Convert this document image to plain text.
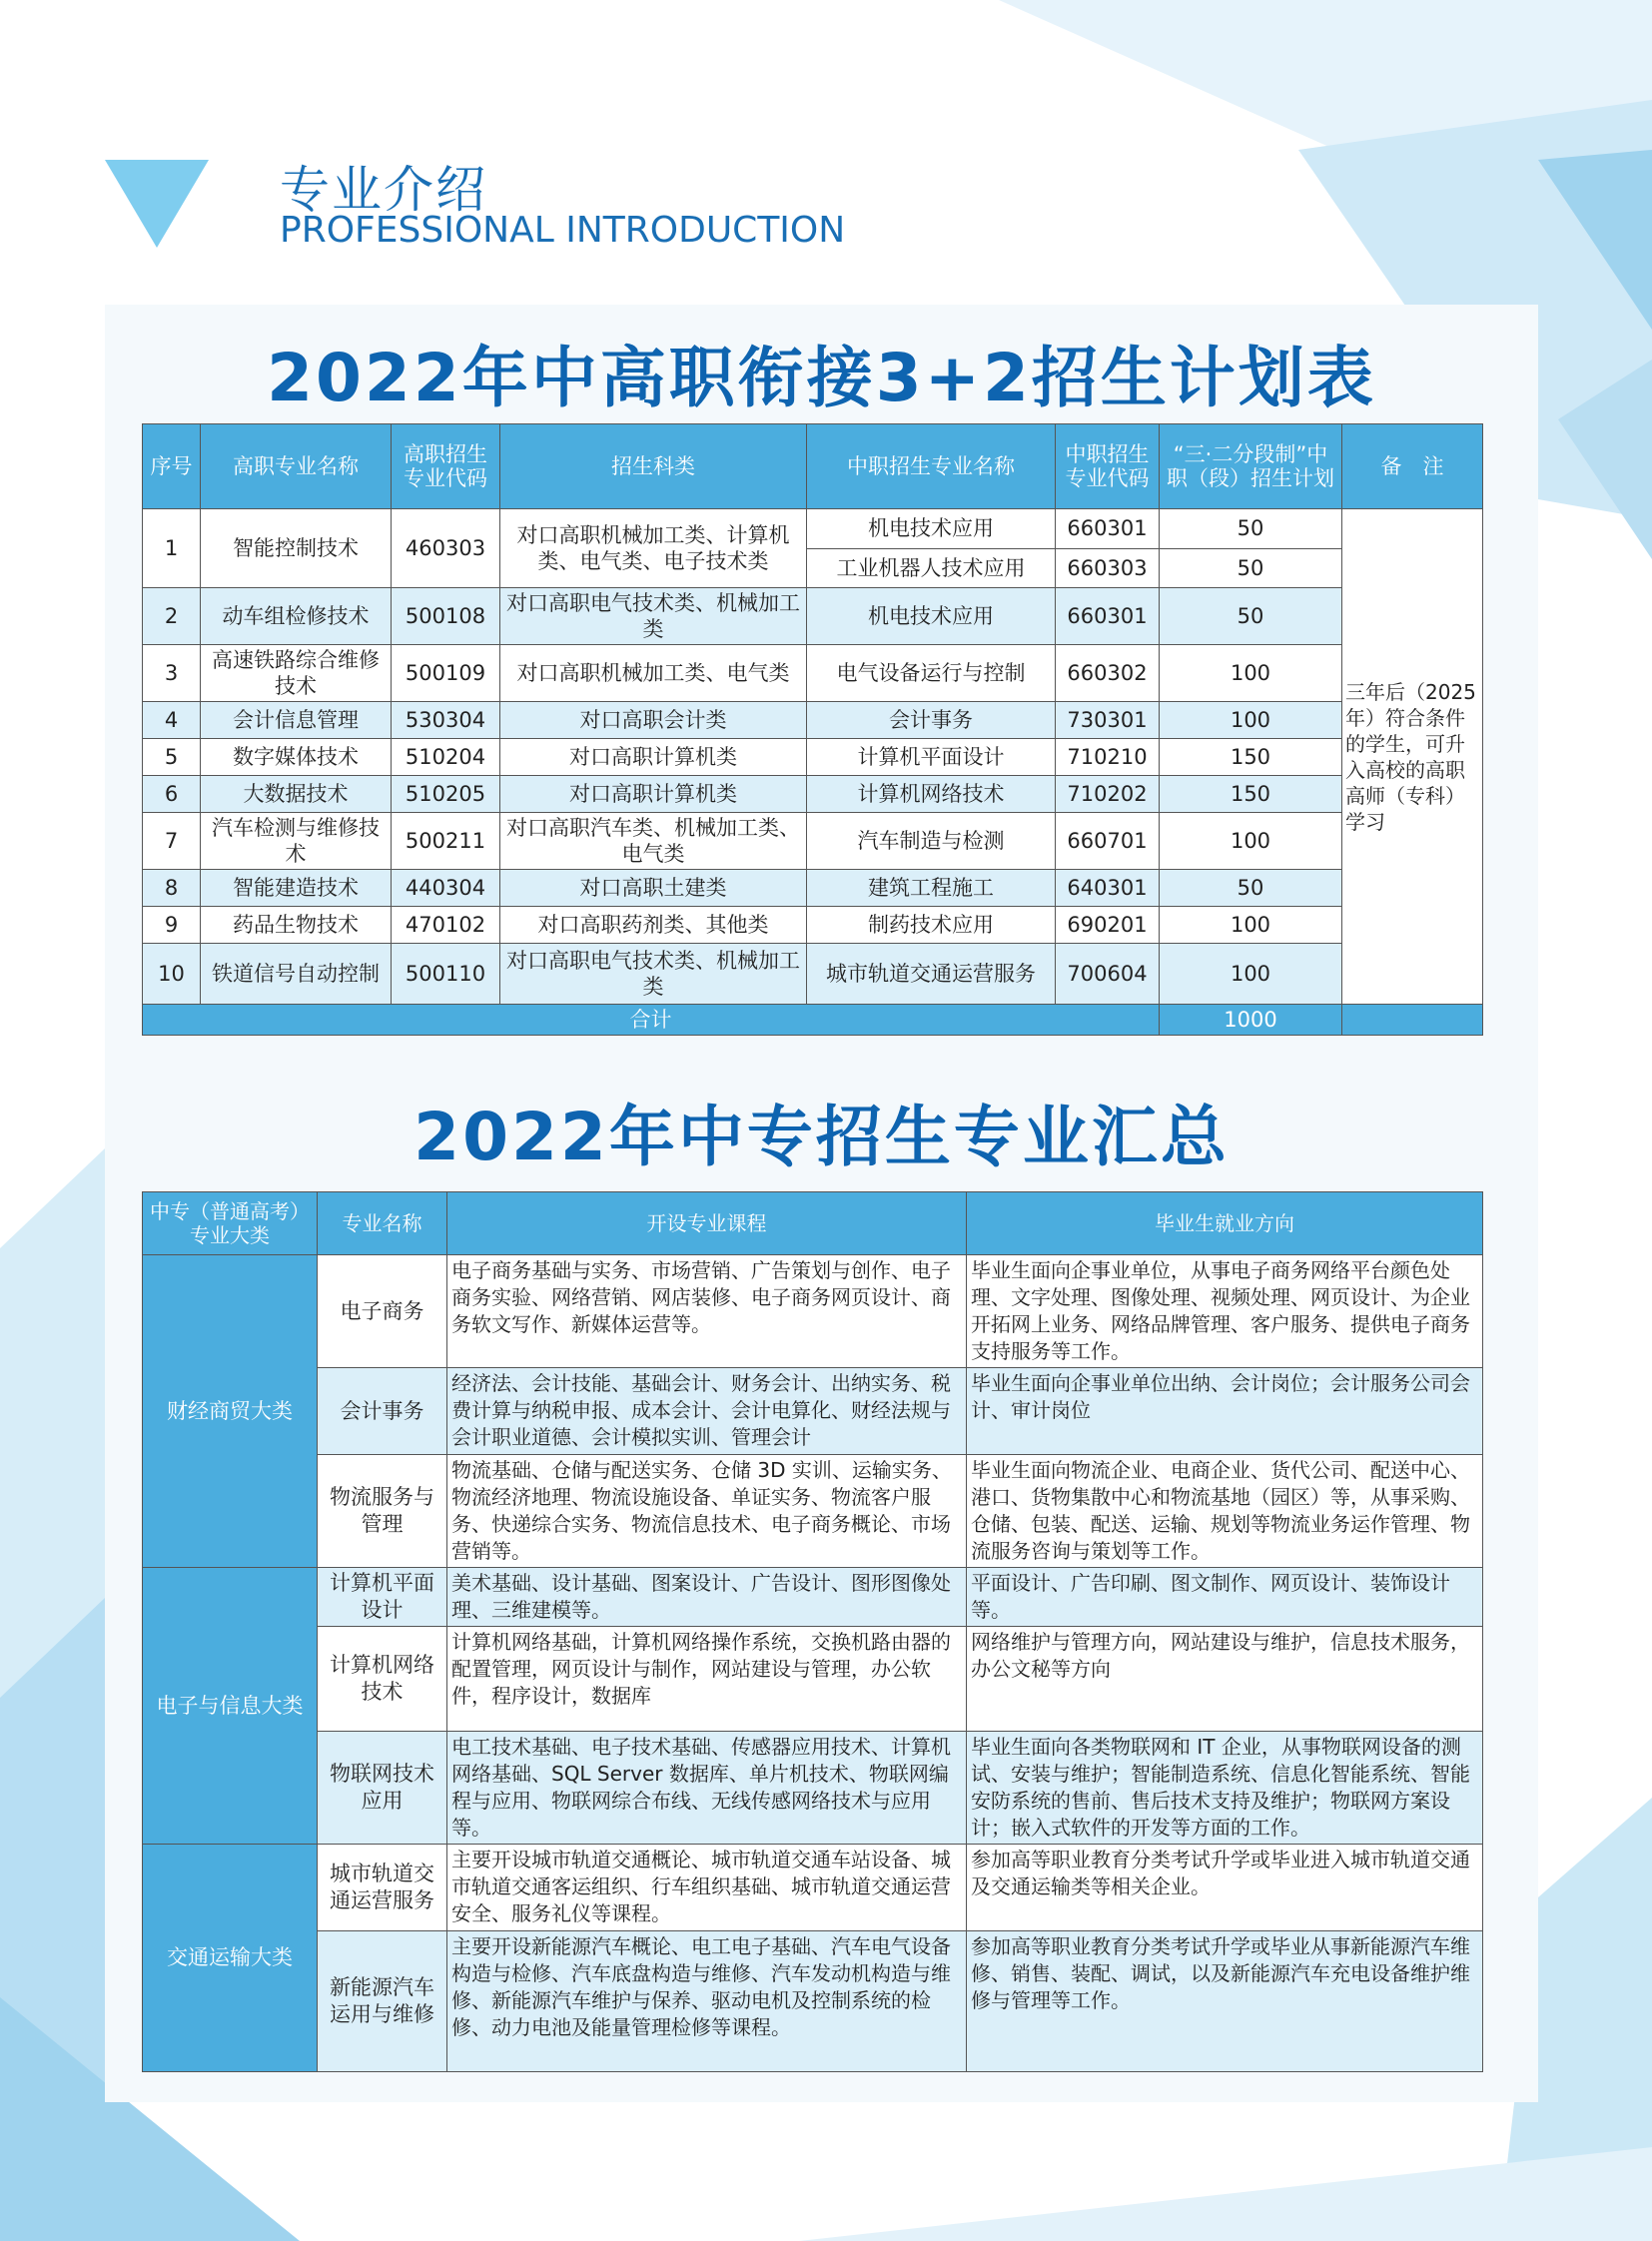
专业介绍
PROFESSIONAL INTRODUCTION
2022年中高职衔接3+2招生计划表
序号	高职专业名称	高职招生专业代码	招生科类	中职招生专业名称	中职招生专业代码	“三·二分段制”中职（段）招生计划	备　注
1	智能控制技术	460303	对口高职机械加工类、计算机类、电气类、电子技术类	机电技术应用	660301	50	三年后（2025年）符合条件的学生，可升入高校的高职高师（专科）学习
				工业机器人技术应用	660303	50	
2	动车组检修技术	500108	对口高职电气技术类、机械加工类	机电技术应用	660301	50	
3	高速铁路综合维修技术	500109	对口高职机械加工类、电气类	电气设备运行与控制	660302	100	
4	会计信息管理	530304	对口高职会计类	会计事务	730301	100	
5	数字媒体技术	510204	对口高职计算机类	计算机平面设计	710210	150	
6	大数据技术	510205	对口高职计算机类	计算机网络技术	710202	150	
7	汽车检测与维修技术	500211	对口高职汽车类、机械加工类、电气类	汽车制造与检测	660701	100	
8	智能建造技术	440304	对口高职土建类	建筑工程施工	640301	50	
9	药品生物技术	470102	对口高职药剂类、其他类	制药技术应用	690201	100	
10	铁道信号自动控制	500110	对口高职电气技术类、机械加工类	城市轨道交通运营服务	700604	100	
合计						1000	
2022年中专招生专业汇总
中专（普通高考）专业大类	专业名称	开设专业课程	毕业生就业方向
财经商贸大类	电子商务	电子商务基础与实务、市场营销、广告策划与创作、电子商务实验、网络营销、网店装修、电子商务网页设计、商务软文写作、新媒体运营等。	毕业生面向企事业单位，从事电子商务网络平台颜色处理、文字处理、图像处理、视频处理、网页设计、为企业开拓网上业务、网络品牌管理、客户服务、提供电子商务支持服务等工作。
	会计事务	经济法、会计技能、基础会计、财务会计、出纳实务、税费计算与纳税申报、成本会计、会计电算化、财经法规与会计职业道德、会计模拟实训、管理会计	毕业生面向企事业单位出纳、会计岗位；会计服务公司会计、审计岗位
	物流服务与管理	物流基础、仓储与配送实务、仓储 3D 实训、运输实务、物流经济地理、物流设施设备、单证实务、物流客户服务、快递综合实务、物流信息技术、电子商务概论、市场营销等。	毕业生面向物流企业、电商企业、货代公司、配送中心、港口、货物集散中心和物流基地（园区）等，从事采购、仓储、包装、配送、运输、规划等物流业务运作管理、物流服务咨询与策划等工作。
电子与信息大类	计算机平面设计	美术基础、设计基础、图案设计、广告设计、图形图像处理、三维建模等。	平面设计、广告印刷、图文制作、网页设计、装饰设计等。
	计算机网络技术	计算机网络基础，计算机网络操作系统，交换机路由器的配置管理，网页设计与制作，网站建设与管理，办公软件，程序设计，数据库	网络维护与管理方向，网站建设与维护，信息技术服务，办公文秘等方向
	物联网技术应用	电工技术基础、电子技术基础、传感器应用技术、计算机网络基础、SQL Server 数据库、单片机技术、物联网编程与应用、物联网综合布线、无线传感网络技术与应用等。	毕业生面向各类物联网和 IT 企业，从事物联网设备的测试、安装与维护；智能制造系统、信息化智能系统、智能安防系统的售前、售后技术支持及维护；物联网方案设计；嵌入式软件的开发等方面的工作。
交通运输大类	城市轨道交通运营服务	主要开设城市轨道交通概论、城市轨道交通车站设备、城市轨道交通客运组织、行车组织基础、城市轨道交通运营安全、服务礼仪等课程。	参加高等职业教育分类考试升学或毕业进入城市轨道交通及交通运输类等相关企业。
	新能源汽车运用与维修	主要开设新能源汽车概论、电工电子基础、汽车电气设备构造与检修、汽车底盘构造与维修、汽车发动机构造与维修、新能源汽车维护与保养、驱动电机及控制系统的检修、动力电池及能量管理检修等课程。	参加高等职业教育分类考试升学或毕业从事新能源汽车维修、销售、装配、调试，以及新能源汽车充电设备维护维修与管理等工作。
